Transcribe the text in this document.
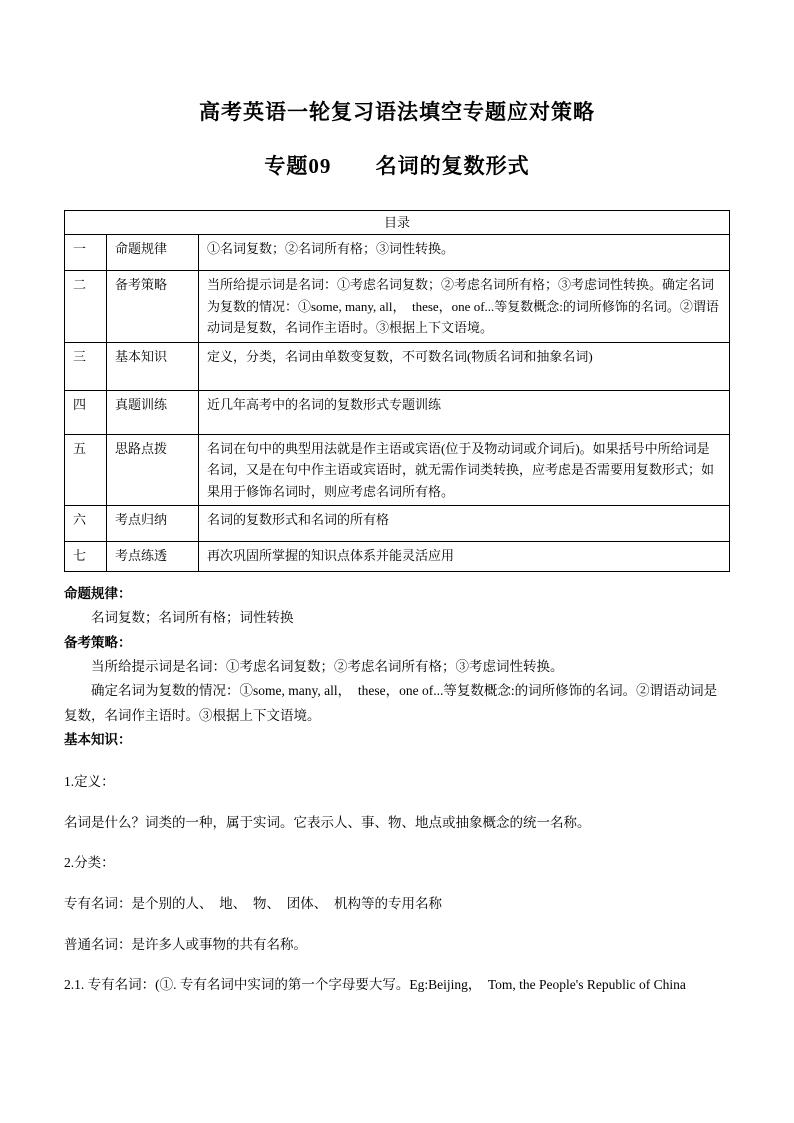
高考英语一轮复习语法填空专题应对策略
专题09 名词的复数形式
目录		
一	命题规律	①名词复数；②名词所有格；③词性转换。
二	备考策略	当所给提示词是名词：①考虑名词复数；②考虑名词所有格；③考虑词性转换。确定名词为复数的情况：①some, many, all，  these，one of...等复数概念:的词所修饰的名词。②谓语动词是复数，名词作主语时。③根据上下文语境。
三	基本知识	定义，分类，名词由单数变复数，不可数名词(物质名词和抽象名词)
四	真题训练	近几年高考中的名词的复数形式专题训练
五	思路点拨	名词在句中的典型用法就是作主语或宾语(位于及物动词或介词后)。如果括号中所给词是名词，又是在句中作主语或宾语时，就无需作词类转换，应考虑是否需要用复数形式；如果用于修饰名词时，则应考虑名词所有格。
六	考点归纳	名词的复数形式和名词的所有格
七	考点练透	再次巩固所掌握的知识点体系并能灵活应用

命题规律：

名词复数；名词所有格；词性转换

备考策略：

当所给提示词是名词：①考虑名词复数；②考虑名词所有格；③考虑词性转换。

确定名词为复数的情况：①some, many, all，  these，one of...等复数概念:的词所修饰的名词。②谓语动词是复数，名词作主语时。③根据上下文语境。

基本知识：

1.定义：

名词是什么？词类的一种，属于实词。它表示人、事、物、地点或抽象概念的统一名称。

2.分类：

专有名词：是个别的人、  地、  物、  团体、  机构等的专用名称

普通名词：是许多人或事物的共有名称。

2.1. 专有名词：(①. 专有名词中实词的第一个字母要大写。Eg:Beijing，  Tom, the People's Republic of China
